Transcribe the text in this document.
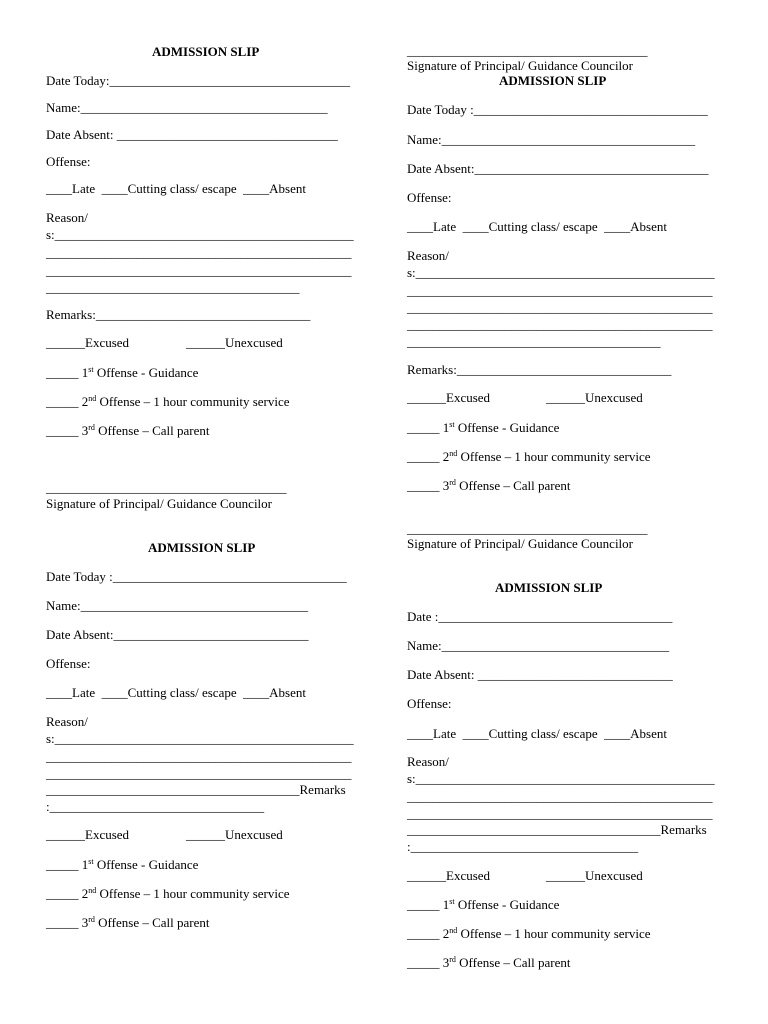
ADMISSION SLIP
Date Today:_____________________________________
Name:______________________________________
Date Absent: __________________________________
Offense:
____Late  ____Cutting class/ escape  ____Absent
Reason/
s:______________________________________________
_______________________________________________
_______________________________________________
_______________________________________
Remarks:_________________________________
______Excused	______Unexcused
_____ 1st Offense - Guidance
_____ 2nd Offense – 1 hour community service
_____ 3rd Offense – Call parent
_____________________________________
Signature of Principal/ Guidance Councilor
_____________________________________
Signature of Principal/ Guidance Councilor
ADMISSION SLIP
Date Today :____________________________________
Name:_______________________________________
Date Absent:____________________________________
Offense:
____Late  ____Cutting class/ escape  ____Absent
Reason/
s:______________________________________________
_______________________________________________
_______________________________________________
_______________________________________________
_______________________________________
Remarks:_________________________________
______Excused	______Unexcused
_____ 1st Offense - Guidance
_____ 2nd Offense – 1 hour community service
_____ 3rd Offense – Call parent
_____________________________________
Signature of Principal/ Guidance Councilor
ADMISSION SLIP
Date Today :____________________________________
Name:___________________________________
Date Absent:______________________________
Offense:
____Late  ____Cutting class/ escape  ____Absent
Reason/
s:______________________________________________
_______________________________________________
_______________________________________________
_______________________________________Remarks
:_________________________________
______Excused	______Unexcused
_____ 1st Offense - Guidance
_____ 2nd Offense – 1 hour community service
_____ 3rd Offense – Call parent
ADMISSION SLIP
Date :____________________________________
Name:___________________________________
Date Absent: ______________________________
Offense:
____Late  ____Cutting class/ escape  ____Absent
Reason/
s:______________________________________________
_______________________________________________
_______________________________________________
_______________________________________Remarks
:___________________________________
______Excused	______Unexcused
_____ 1st Offense - Guidance
_____ 2nd Offense – 1 hour community service
_____ 3rd Offense – Call parent
